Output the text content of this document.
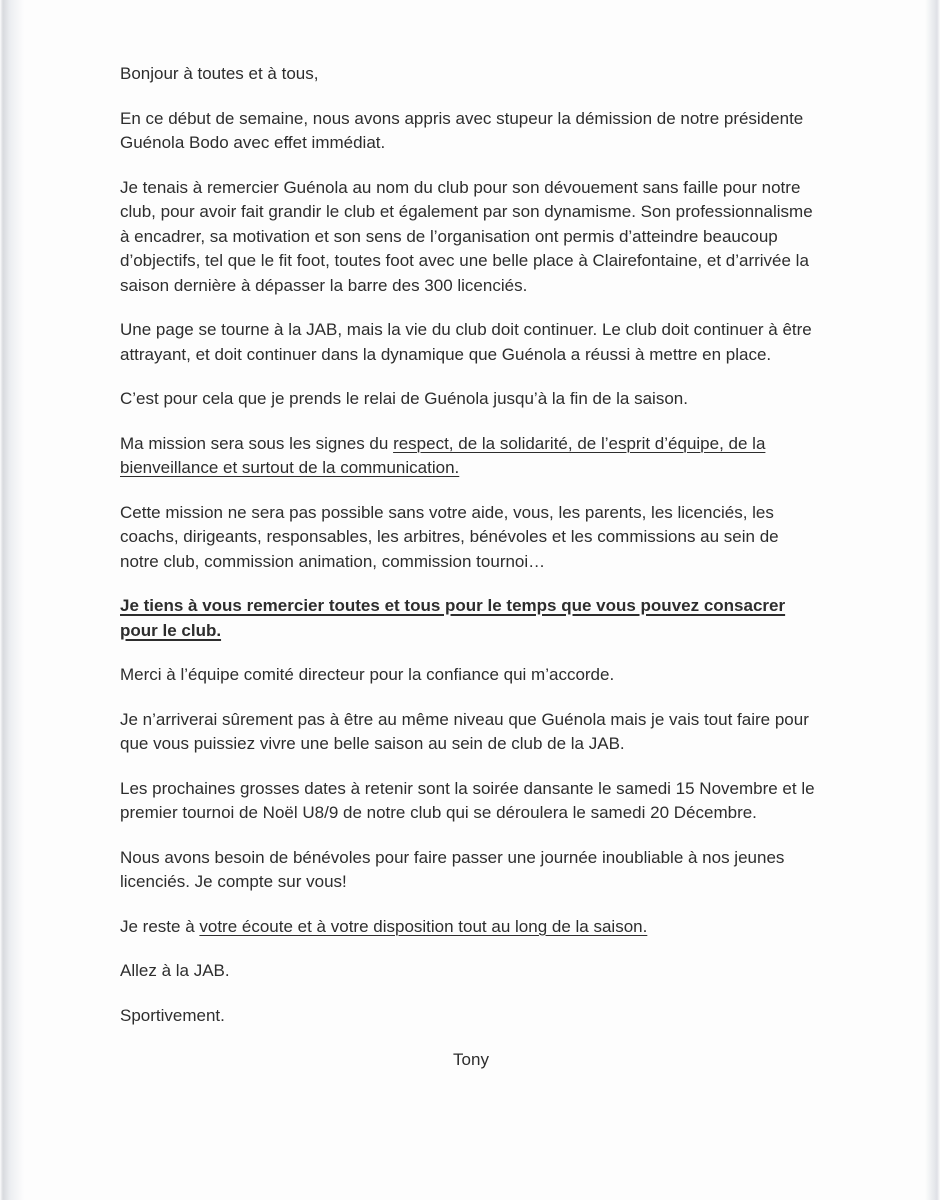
Bonjour à toutes et à tous,

En ce début de semaine, nous avons appris avec stupeur la démission de notre présidente Guénola Bodo avec effet immédiat.

Je tenais à remercier Guénola au nom du club pour son dévouement sans faille pour notre club, pour avoir fait grandir le club et également par son dynamisme. Son professionnalisme à encadrer, sa motivation et son sens de l’organisation ont permis d’atteindre beaucoup d’objectifs, tel que le fit foot, toutes foot avec une belle place à Clairefontaine, et d’arrivée la saison dernière à dépasser la barre des 300 licenciés.

Une page se tourne à la JAB, mais la vie du club doit continuer. Le club doit continuer à être attrayant, et doit continuer dans la dynamique que Guénola a réussi à mettre en place.

C’est pour cela que je prends le relai de Guénola jusqu’à la fin de la saison.

Ma mission sera sous les signes du respect, de la solidarité, de l’esprit d’équipe, de la bienveillance et surtout de la communication.

Cette mission ne sera pas possible sans votre aide, vous, les parents, les licenciés, les coachs, dirigeants, responsables, les arbitres, bénévoles et les commissions au sein de notre club, commission animation, commission tournoi…

Je tiens à vous remercier toutes et tous pour le temps que vous pouvez consacrer pour le club.

Merci à l’équipe comité directeur pour la confiance qui m’accorde.

Je n’arriverai sûrement pas à être au même niveau que Guénola mais je vais tout faire pour que vous puissiez vivre une belle saison au sein de club de la JAB.

Les prochaines grosses dates à retenir sont la soirée dansante le samedi 15 Novembre et le premier tournoi de Noël U8/9 de notre club qui se déroulera le samedi 20 Décembre.

Nous avons besoin de bénévoles pour faire passer une journée inoubliable à nos jeunes licenciés. Je compte sur vous!

Je reste à votre écoute et à votre disposition tout au long de la saison.

Allez à la JAB.

Sportivement.

Tony
